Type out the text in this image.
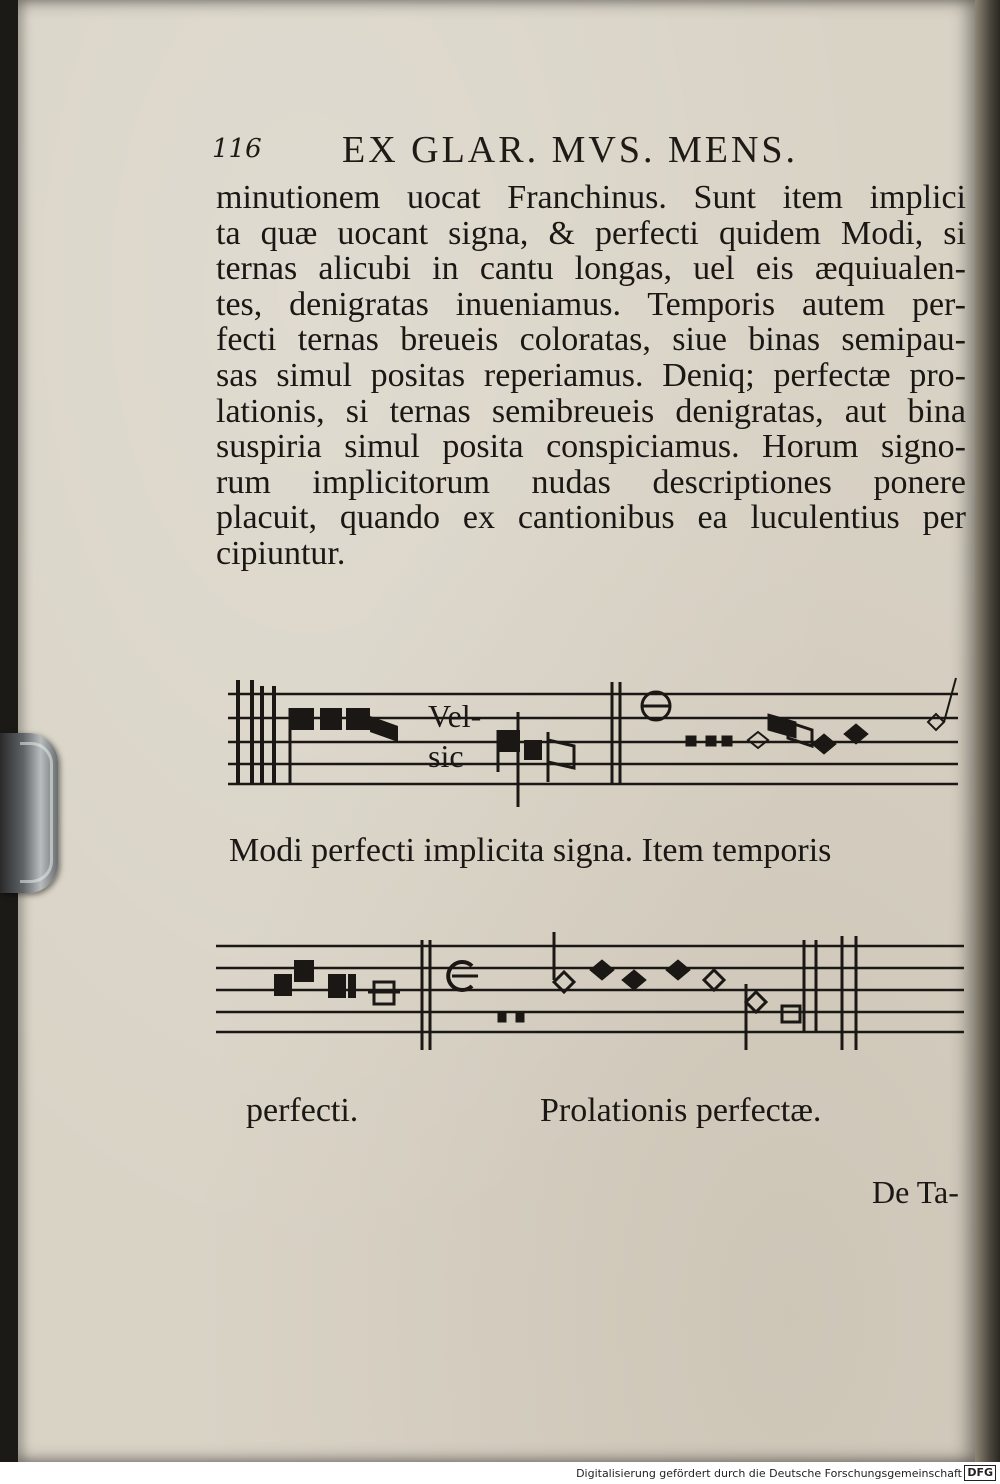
116 EX GLAR. MVS. MENS.
minutionem uocat Franchinus. Sunt item implici
ta quæ uocant signa, & perfecti quidem Modi, si
ternas alicubi in cantu longas, uel eis æquiualen-
tes, denigratas inueniamus. Temporis autem per-
fecti ternas breueis coloratas, siue binas semipau-
sas simul positas reperiamus. Deniq; perfectæ pro-
lationis, si ternas semibreueis denigratas, aut bina
suspiria simul posita conspiciamus. Horum signo-
rum implicitorum nudas descriptiones ponere
placuit, quando ex cantionibus ea luculentius per
cipiuntur.
Vel-
sic
Modi perfecti implicita signa. Item temporis
perfecti.	Prolationis perfectæ.
De Ta-
Digitalisierung gefördert durch die Deutsche Forschungsgemeinschaft DFG
